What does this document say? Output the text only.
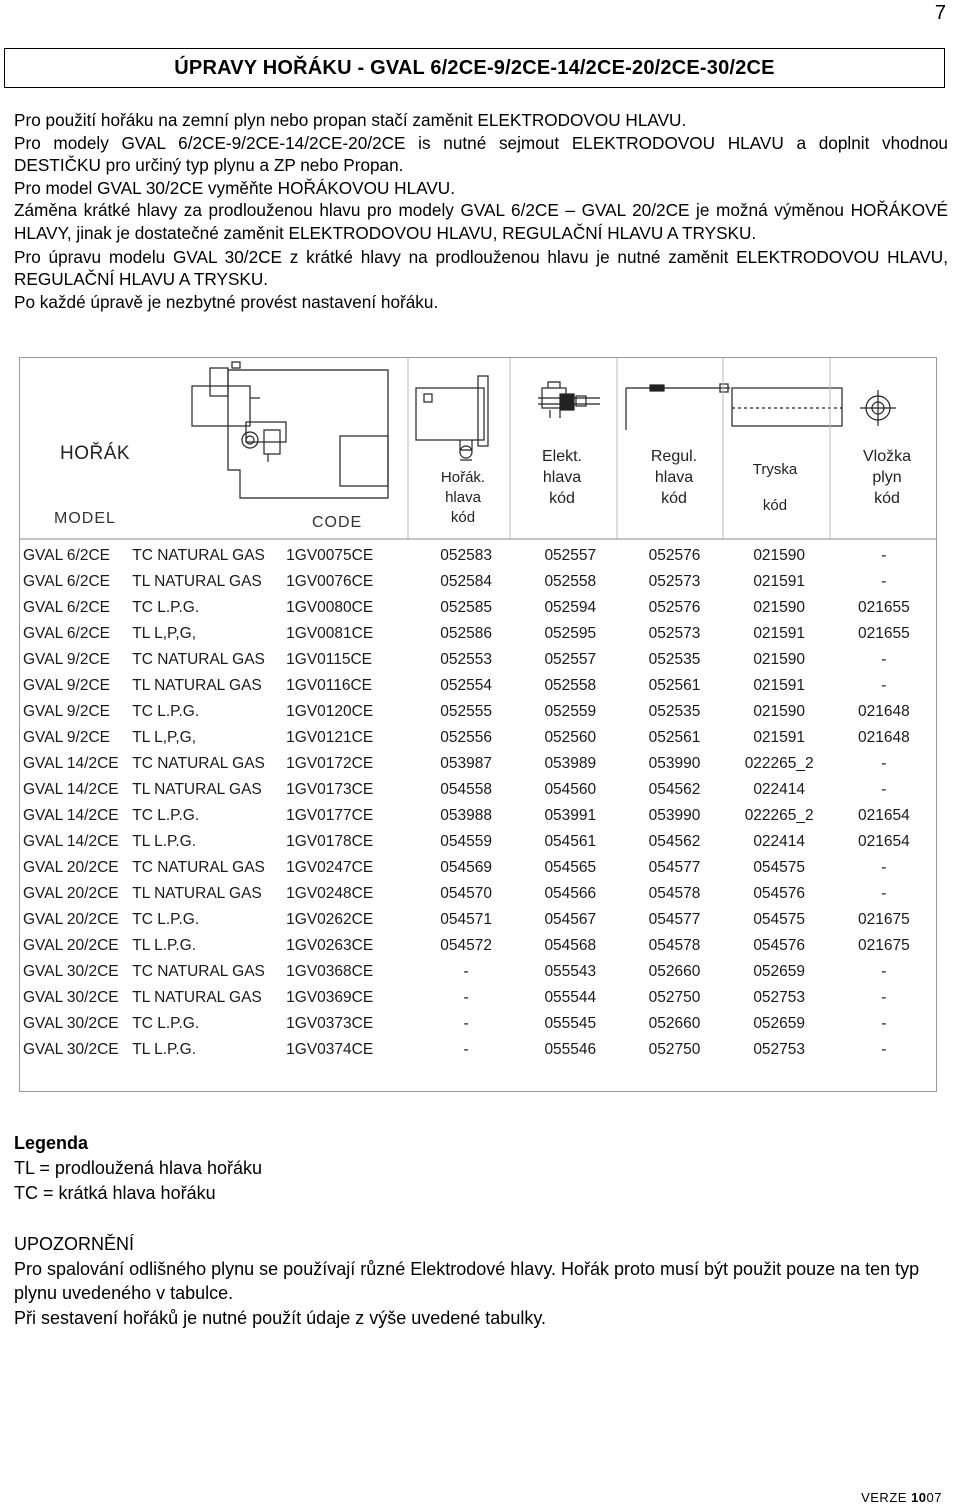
7
ÚPRAVY HOŘÁKU - GVAL 6/2CE-9/2CE-14/2CE-20/2CE-30/2CE

Pro použití hořáku na zemní plyn nebo propan stačí zaměnit ELEKTRODOVOU HLAVU.

Pro modely GVAL 6/2CE-9/2CE-14/2CE-20/2CE is nutné sejmout ELEKTRODOVOU HLAVU a doplnit vhodnou DESTIČKU pro určiný typ plynu a ZP nebo Propan.

Pro model GVAL 30/2CE vyměňte HOŘÁKOVOU HLAVU.

Záměna krátké hlavy za prodlouženou hlavu pro modely GVAL 6/2CE – GVAL 20/2CE je možná výměnou HOŘÁKOVÉ HLAVY, jinak je dostatečné zaměnit ELEKTRODOVOU HLAVU, REGULAČNÍ HLAVU A TRYSKU.

Pro úpravu modelu GVAL 30/2CE z krátké hlavy na prodlouženou hlavu je nutné zaměnit ELEKTRODOVOU HLAVU, REGULAČNÍ HLAVU A TRYSKU.

Po každé úpravě je nezbytné provést nastavení hořáku.

HOŘÁK
MODEL	CODE
Hořák.
hlava
kód
Elekt.
hlava
kód
Regul.
hlava
kód
Tryska
kód
Vložka
plyn
kód
GVAL 6/2CE	TC NATURAL GAS	1GV0075CE	052583	052557	052576	021590	-
GVAL 6/2CE	TL NATURAL GAS	1GV0076CE	052584	052558	052573	021591	-
GVAL 6/2CE	TC L.P.G.	1GV0080CE	052585	052594	052576	021590	021655
GVAL 6/2CE	TL L,P,G,	1GV0081CE	052586	052595	052573	021591	021655
GVAL 9/2CE	TC NATURAL GAS	1GV0115CE	052553	052557	052535	021590	-
GVAL 9/2CE	TL NATURAL GAS	1GV0116CE	052554	052558	052561	021591	-
GVAL 9/2CE	TC L.P.G.	1GV0120CE	052555	052559	052535	021590	021648
GVAL 9/2CE	TL L,P,G,	1GV0121CE	052556	052560	052561	021591	021648
GVAL 14/2CE	TC NATURAL GAS	1GV0172CE	053987	053989	053990	022265_2	-
GVAL 14/2CE	TL NATURAL GAS	1GV0173CE	054558	054560	054562	022414	-
GVAL 14/2CE	TC L.P.G.	1GV0177CE	053988	053991	053990	022265_2	021654
GVAL 14/2CE	TL L.P.G.	1GV0178CE	054559	054561	054562	022414	021654
GVAL 20/2CE	TC NATURAL GAS	1GV0247CE	054569	054565	054577	054575	-
GVAL 20/2CE	TL NATURAL GAS	1GV0248CE	054570	054566	054578	054576	-
GVAL 20/2CE	TC L.P.G.	1GV0262CE	054571	054567	054577	054575	021675
GVAL 20/2CE	TL L.P.G.	1GV0263CE	054572	054568	054578	054576	021675
GVAL 30/2CE	TC NATURAL GAS	1GV0368CE	-	055543	052660	052659	-
GVAL 30/2CE	TL NATURAL GAS	1GV0369CE	-	055544	052750	052753	-
GVAL 30/2CE	TC L.P.G.	1GV0373CE	-	055545	052660	052659	-
GVAL 30/2CE	TL L.P.G.	1GV0374CE	-	055546	052750	052753	-

Legenda

TL = prodloužená hlava hořáku

TC = krátká hlava hořáku

UPOZORNĚNÍ

Pro spalování odlišného plynu se používají různé Elektrodové hlavy. Hořák proto musí být použit pouze na ten typ plynu uvedeného v tabulce.

Při sestavení hořáků je nutné použít údaje z výše uvedené tabulky.

VERZE 1007
